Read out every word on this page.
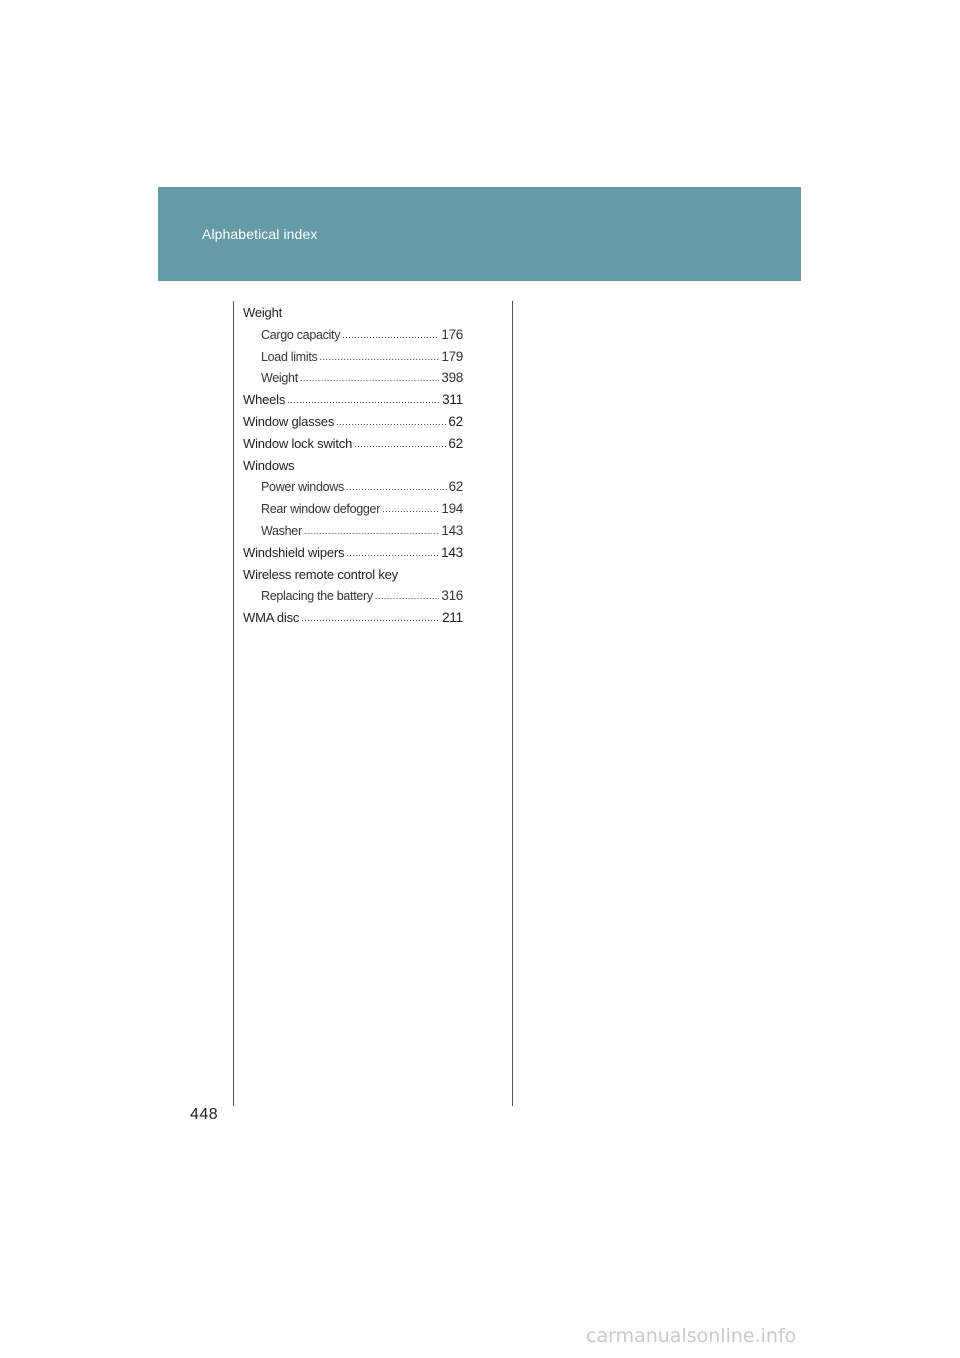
Alphabetical index
Weight
Cargo capacity .....	176
Load limits .....	179
Weight .....	398
Wheels .....	311
Window glasses .....	62
Window lock switch .....	62
Windows
Power windows .....	62
Rear window defogger .....	194
Washer .....	143
Windshield wipers .....	143
Wireless remote control key
Replacing the battery .....	316
WMA disc .....	211
448
carmanualsonline.info
